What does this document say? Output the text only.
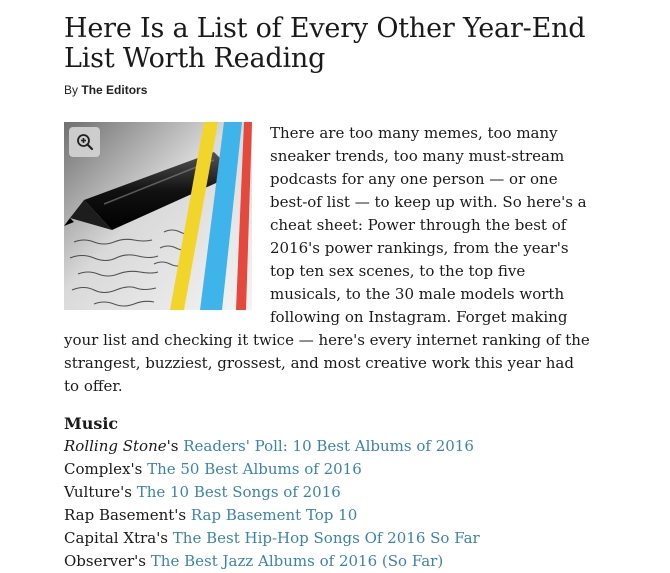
Here Is a List of Every Other Year-End List Worth Reading
By The Editors

There are too many memes, too many sneaker trends, too many must-stream podcasts for any one person — or one best-of list — to keep up with. So here's a cheat sheet: Power through the best of 2016's power rankings, from the year's top ten sex scenes, to the top five musicals, to the 30 male models worth following on Instagram. Forget making your list and checking it twice — here's every internet ranking of the strangest, buzziest, grossest, and most creative work this year had to offer.

Music
Rolling Stone's Readers' Poll: 10 Best Albums of 2016
Complex's The 50 Best Albums of 2016
Vulture's The 10 Best Songs of 2016
Rap Basement's Rap Basement Top 10
Capital Xtra's The Best Hip-Hop Songs Of 2016 So Far
Observer's The Best Jazz Albums of 2016 (So Far)
